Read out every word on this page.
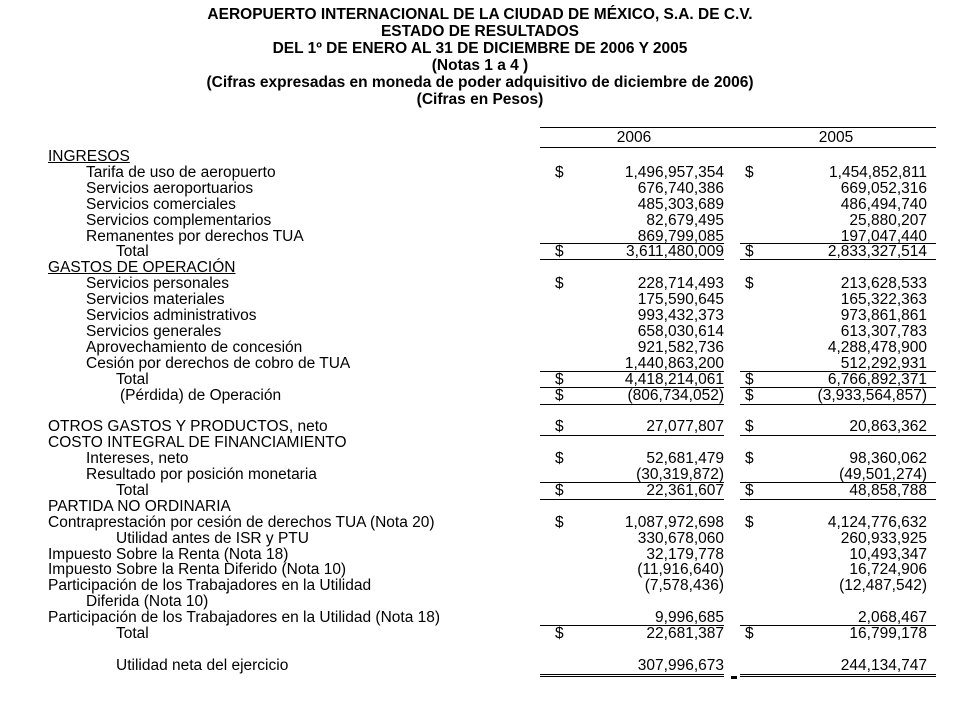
AEROPUERTO INTERNACIONAL DE LA CIUDAD DE MÉXICO, S.A. DE C.V.
ESTADO DE RESULTADOS
DEL 1º DE ENERO AL 31 DE DICIEMBRE DE 2006 Y 2005
(Notas 1 a 4 )
(Cifras expresadas en moneda de poder adquisitivo de diciembre de 2006)
(Cifras en Pesos)
2006	2005
INGRESOS
Tarifa de uso de aeropuerto	$	1,496,957,354 $	1,454,852,811
Servicios aeroportuarios	676,740,386	669,052,316
Servicios comerciales	485,303,689	486,494,740
Servicios complementarios	82,679,495	25,880,207
Remanentes por derechos TUA	869,799,085	197,047,440
Total	$	3,611,480,009 $	2,833,327,514
GASTOS DE OPERACIÓN
Servicios personales	$	228,714,493 $	213,628,533
Servicios materiales	175,590,645	165,322,363
Servicios administrativos	993,432,373	973,861,861
Servicios generales	658,030,614	613,307,783
Aprovechamiento de concesión	921,582,736	4,288,478,900
Cesión por derechos de cobro de TUA	1,440,863,200	512,292,931
Total	$	4,418,214,061 $	6,766,892,371
(Pérdida) de Operación	$	(806,734,052) $	(3,933,564,857)
OTROS GASTOS Y PRODUCTOS, neto	$	27,077,807 $	20,863,362
COSTO INTEGRAL DE FINANCIAMIENTO
Intereses, neto	$	52,681,479 $	98,360,062
Resultado por posición monetaria	(30,319,872)	(49,501,274)
Total	$	22,361,607 $	48,858,788
PARTIDA NO ORDINARIA
Contraprestación por cesión de derechos TUA (Nota 20)	$	1,087,972,698 $	4,124,776,632
Utilidad antes de ISR y PTU	330,678,060	260,933,925
Impuesto Sobre la Renta (Nota 18)	32,179,778	10,493,347
Impuesto Sobre la Renta Diferido (Nota 10)	(11,916,640)	16,724,906
Participación de los Trabajadores en la Utilidad	(7,578,436)	(12,487,542)
Diferida (Nota 10)
Participación de los Trabajadores en la Utilidad (Nota 18)	9,996,685	2,068,467
Total	$	22,681,387 $	16,799,178
Utilidad neta del ejercicio	307,996,673	244,134,747
